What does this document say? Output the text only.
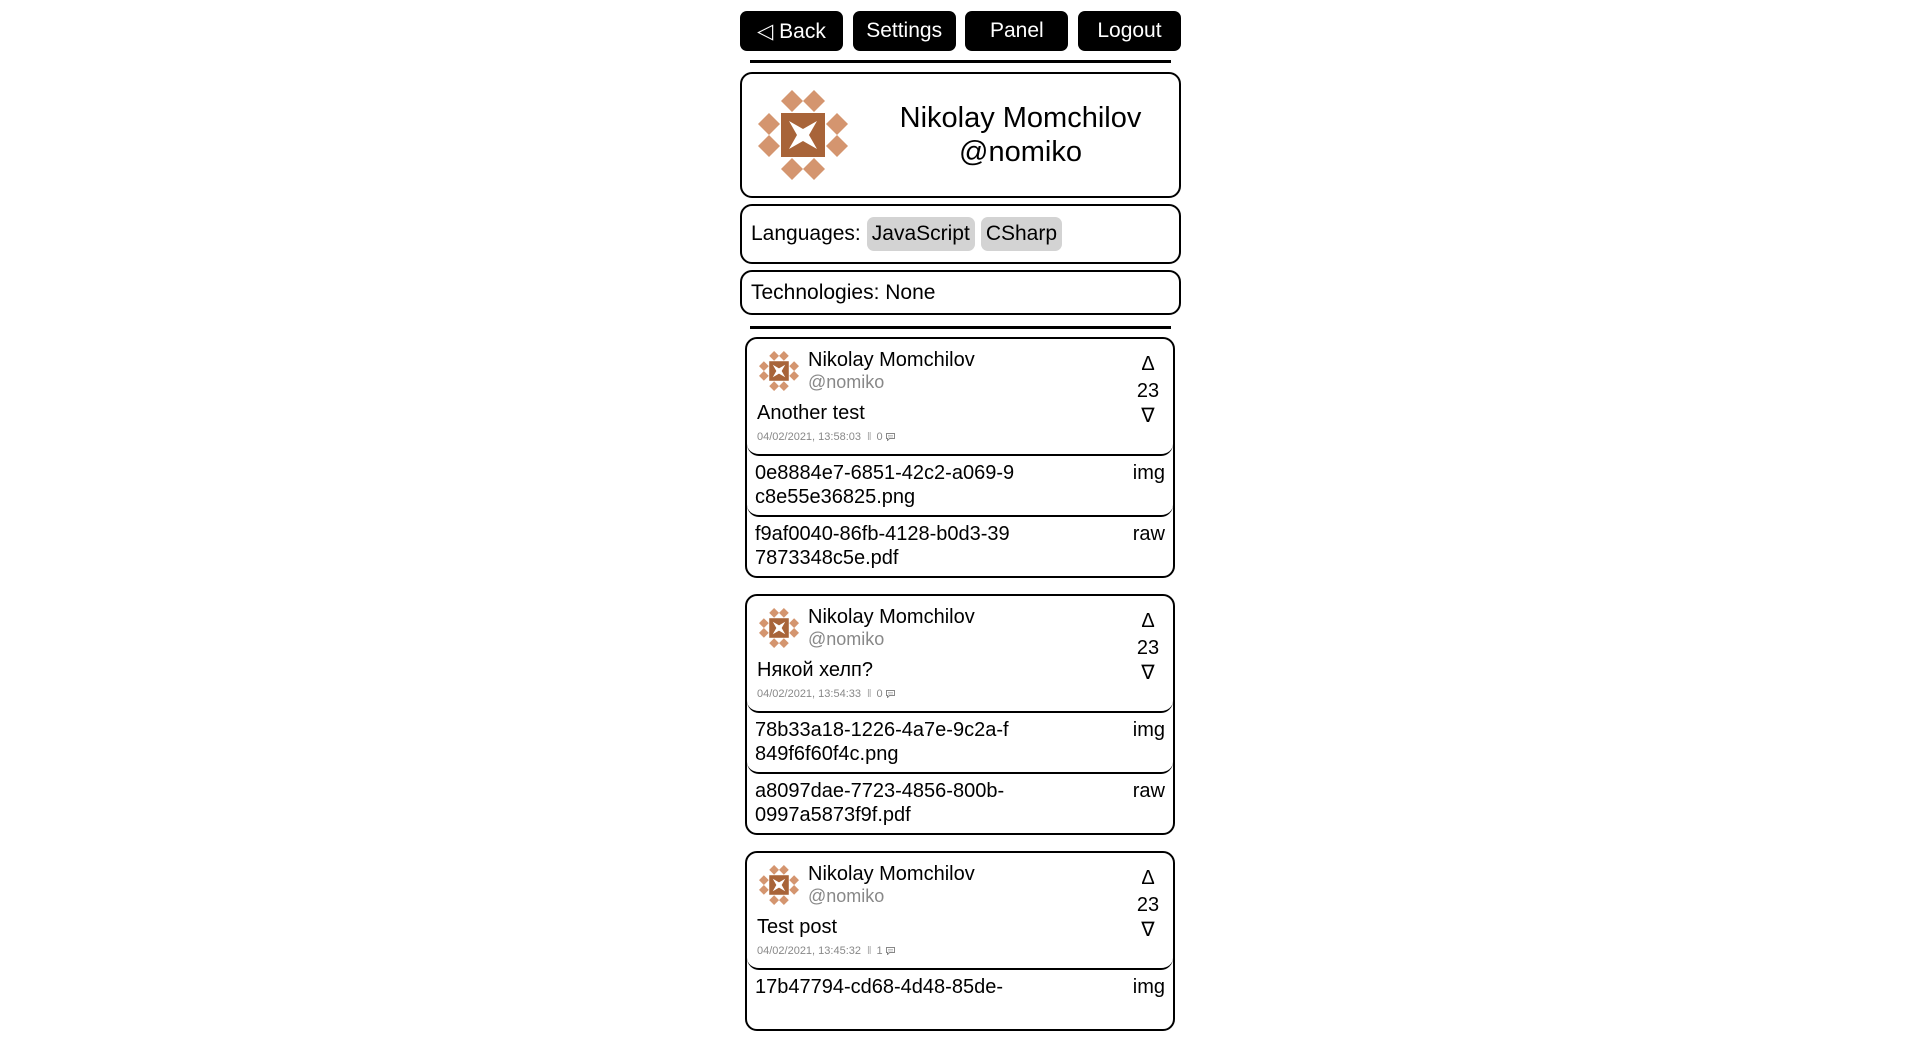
◁ Back	Settings	Panel	Logout
Nikolay Momchilov
@nomiko
Languages: JavaScript CSharp
Technologies: None
Nikolay Momchilov
@nomiko
Another test
04/02/2021, 13:58:03 ‖ 0
Δ
23
∇
0e8884e7-6851-42c2-a069-9c8e55e36825.png
img
f9af0040-86fb-4128-b0d3-397873348c5e.pdf
raw
Nikolay Momchilov
@nomiko
Някой хелп?
04/02/2021, 13:54:33 ‖ 0
Δ
23
∇
78b33a18-1226-4a7e-9c2a-f849f6f60f4c.png
img
a8097dae-7723-4856-800b-0997a5873f9f.pdf
raw
Nikolay Momchilov
@nomiko
Test post
04/02/2021, 13:45:32 ‖ 1
Δ
23
∇
17b47794-cd68-4d48-85de-	img
